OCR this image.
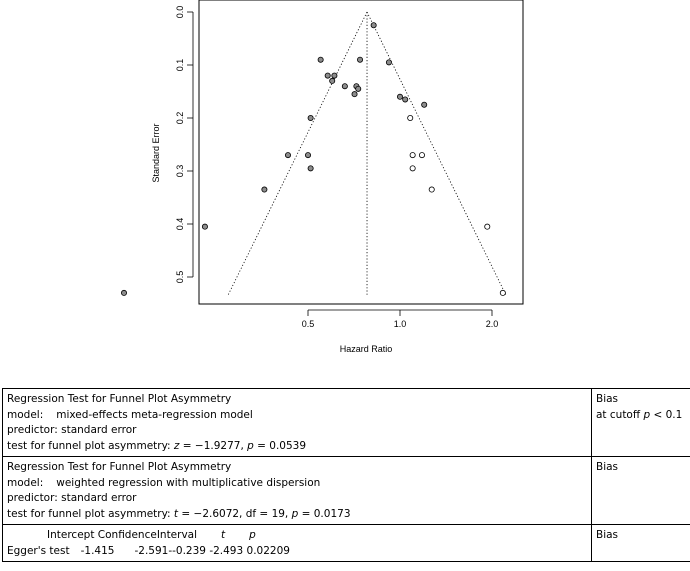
0.5	1.0	2.0
0.0
0.1
0.2
0.3
0.4
0.5
Hazard Ratio
Standard Error
Regression Test for Funnel Plot Asymmetry
model: mixed-effects meta-regression model
predictor: standard error
test for funnel plot asymmetry: z = −1.9277, p = 0.0539	Bias
at cutoff p < 0.1

Regression Test for Funnel Plot Asymmetry
model: weighted regression with multiplicative dispersion
predictor: standard error
test for funnel plot asymmetry: t = −2.6072, df = 19, p = 0.0173	Bias

Intercept ConfidenceInterval t p
Egger's test -1.415 -2.591--0.239 -2.493 0.02209	Bias
